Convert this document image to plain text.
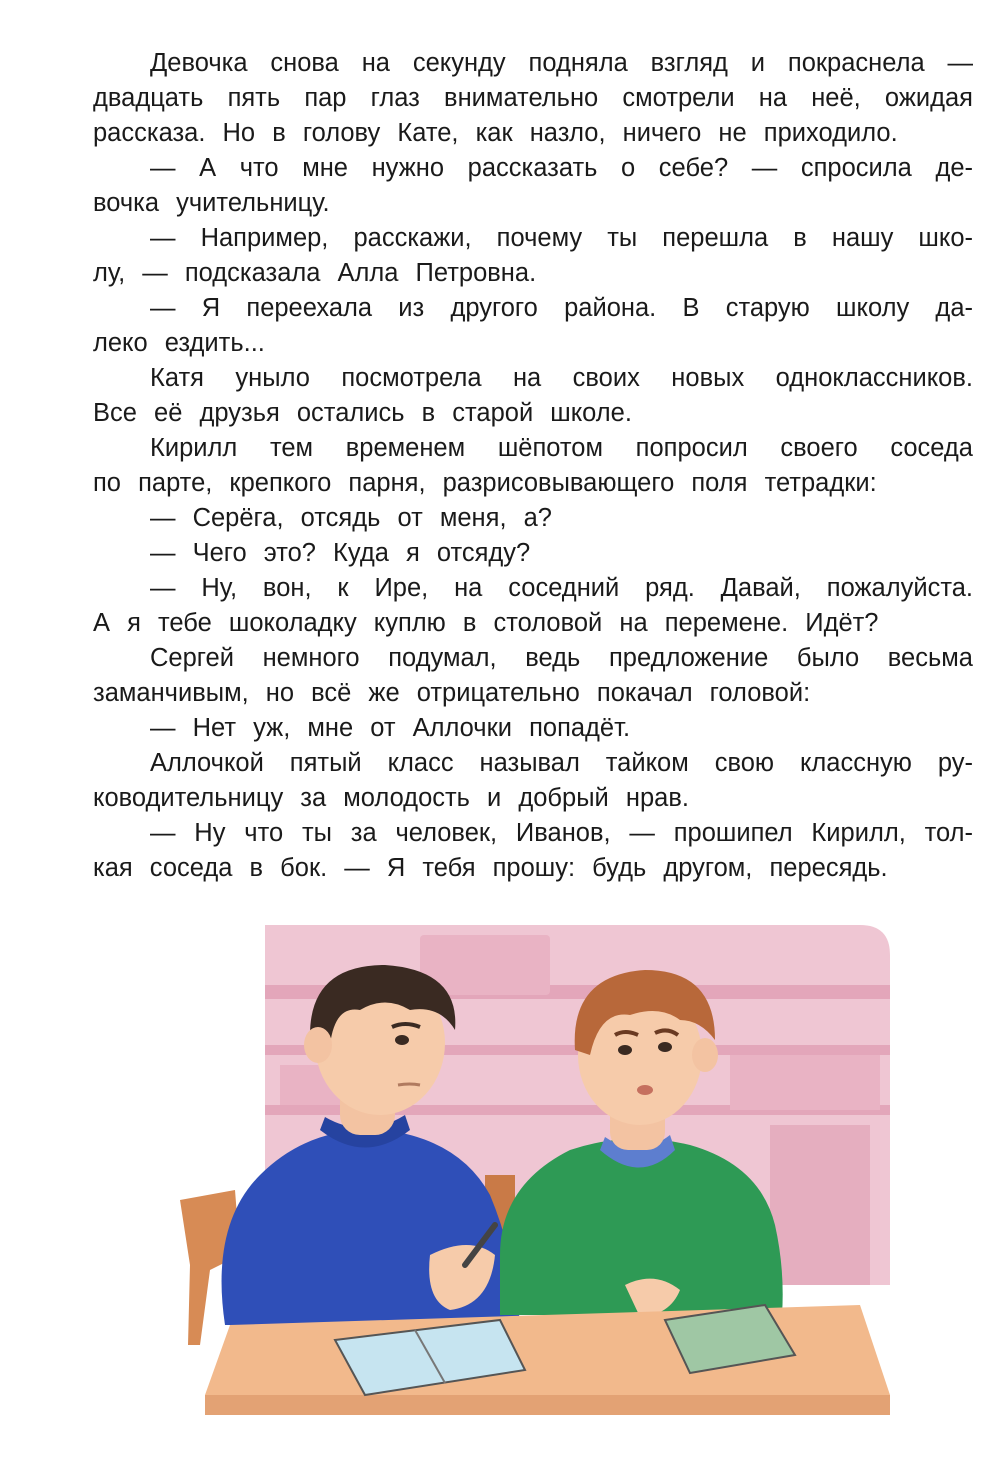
Девочка снова на секунду подняла взгляд и покраснела —
двадцать пять пар глаз внимательно смотрели на неё, ожидая
рассказа. Но в голову Кате, как назло, ничего не приходило.
— А что мне нужно рассказать о себе? — спросила де-
вочка учительницу.
— Например, расскажи, почему ты перешла в нашу шко-
лу, — подсказала Алла Петровна.
— Я переехала из другого района. В старую школу да-
леко ездить...
Катя уныло посмотрела на своих новых одноклассников.
Все её друзья остались в старой школе.
Кирилл тем временем шёпотом попросил своего соседа
по парте, крепкого парня, разрисовывающего поля тетрадки:
— Серёга, отсядь от меня, а?
— Чего это? Куда я отсяду?
— Ну, вон, к Ире, на соседний ряд. Давай, пожалуйста.
А я тебе шоколадку куплю в столовой на перемене. Идёт?
Сергей немного подумал, ведь предложение было весьма
заманчивым, но всё же отрицательно покачал головой:
— Нет уж, мне от Аллочки попадёт.
Аллочкой пятый класс называл тайком свою классную ру-
ководительницу за молодость и добрый нрав.
— Ну что ты за человек, Иванов, — прошипел Кирилл, тол-
кая соседа в бок. — Я тебя прошу: будь другом, пересядь.
